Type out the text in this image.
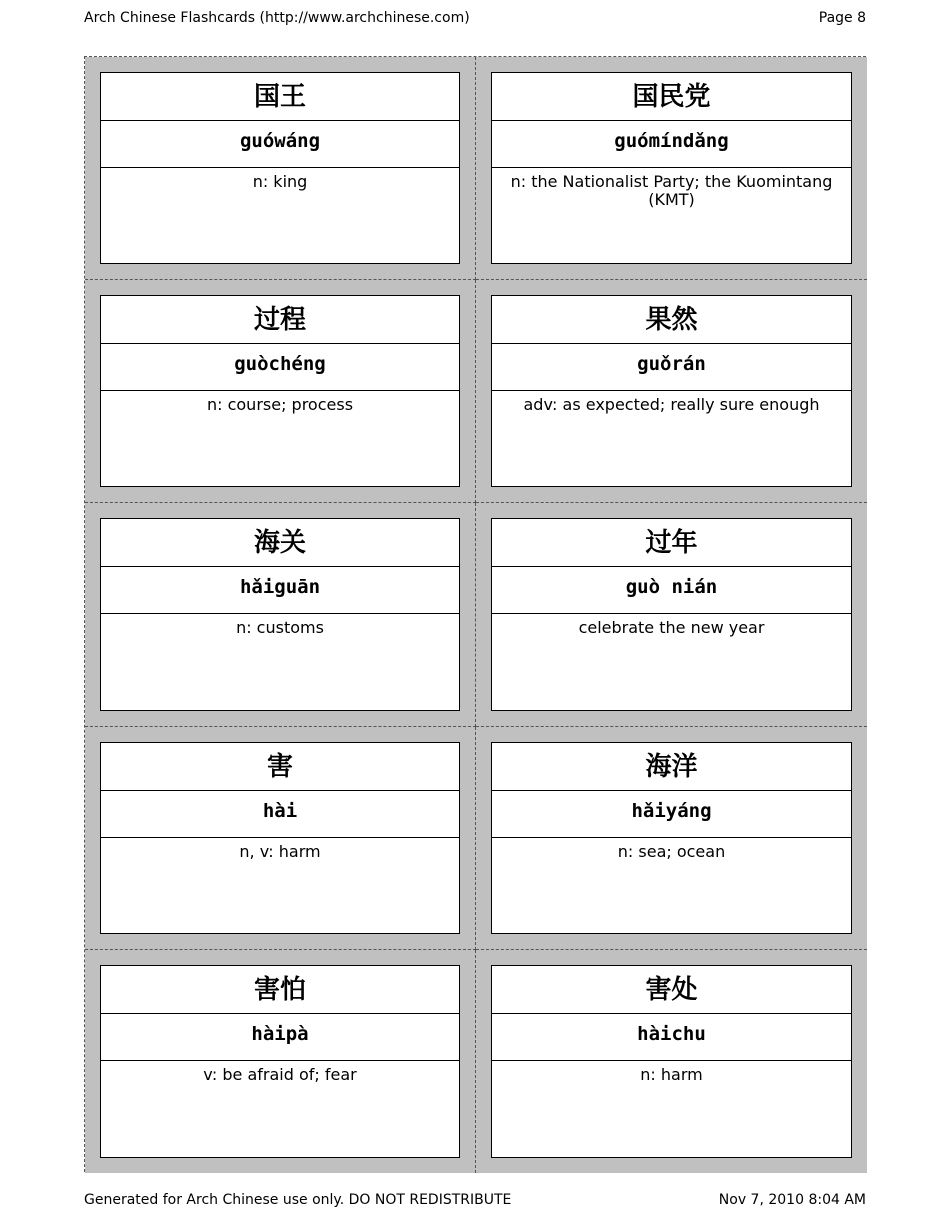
Arch Chinese Flashcards (http://www.archchinese.com)	Page 8
国王
guówáng
n: king
国民党
guómíndǎng
n: the Nationalist Party; the Kuomintang (KMT)
过程
guòchéng
n: course; process
果然
guǒrán
adv: as expected; really sure enough
海关
hǎiguān
n: customs
过年
guò nián
celebrate the new year
害
hài
n, v: harm
海洋
hǎiyáng
n: sea; ocean
害怕
hàipà
v: be afraid of; fear
害处
hàichu
n: harm
Generated for Arch Chinese use only. DO NOT REDISTRIBUTE	Nov 7, 2010 8:04 AM
